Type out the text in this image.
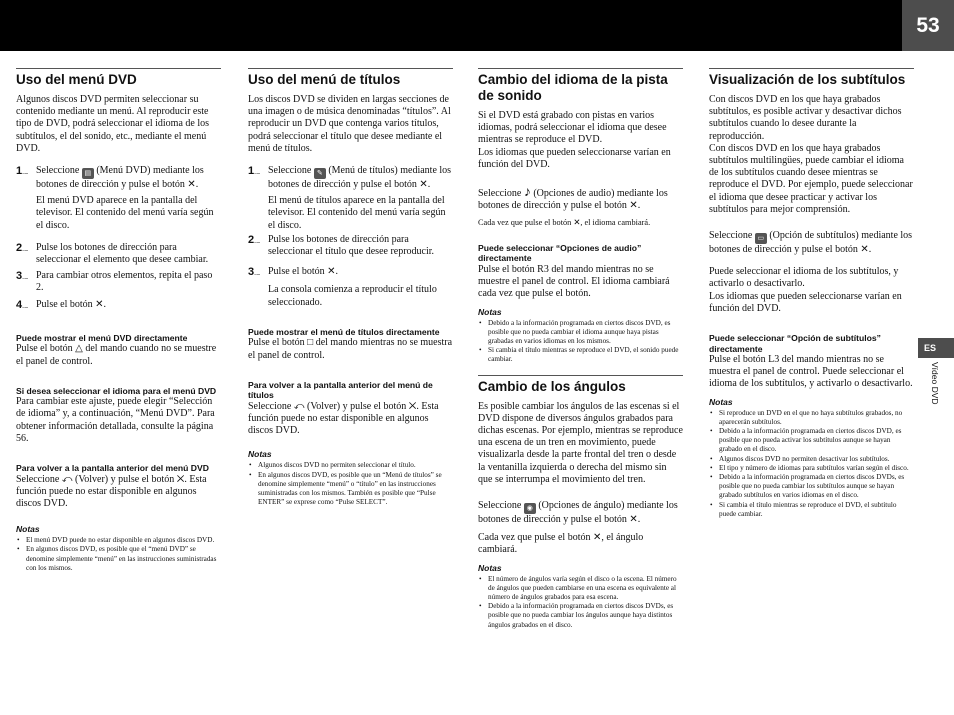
53
Uso del menú DVD

Algunos discos DVD permiten seleccionar su contenido mediante un menú. Al reproducir este tipo de DVD, podrá seleccionar el idioma de los subtítulos, el del sonido, etc., mediante el menú DVD.

1..... Seleccione ▤ (Menú DVD) mediante los botones de dirección y pulse el botón ✕.

El menú DVD aparece en la pantalla del televisor. El contenido del menú varía según el disco.

2..... Pulse los botones de dirección para seleccionar el elemento que desee cambiar.
3..... Para cambiar otros elementos, repita el paso 2.
4..... Pulse el botón ✕.
Puede mostrar el menú DVD directamente

Pulse el botón △ del mando cuando no se muestre el panel de control.

Si desea seleccionar el idioma para el menú DVD

Para cambiar este ajuste, puede elegir “Selección de idioma” y, a continuación, “Menú DVD”. Para obtener información detallada, consulte la página 56.

Para volver a la pantalla anterior del menú DVD

Seleccione ⤺ (Volver) y pulse el botón ✕. Esta función puede no estar disponible en algunos discos DVD.

Notas
• El menú DVD puede no estar disponible en algunos discos DVD.
• En algunos discos DVD, es posible que el “menú DVD” se denomine simplemente “menú” en las instrucciones suministradas con los mismos.
Uso del menú de títulos

Los discos DVD se dividen en largas secciones de una imagen o de música denominadas “títulos”. Al reproducir un DVD que contenga varios títulos, podrá seleccionar el título que desee mediante el menú de títulos.

1..... Seleccione ✎ (Menú de títulos) mediante los botones de dirección y pulse el botón ✕.

El menú de títulos aparece en la pantalla del televisor. El contenido del menú varía según el disco.

2..... Pulse los botones de dirección para seleccionar el título que desee reproducir.
3..... Pulse el botón ✕.

La consola comienza a reproducir el título seleccionado.

Puede mostrar el menú de títulos directamente

Pulse el botón □ del mando mientras no se muestra el panel de control.

Para volver a la pantalla anterior del menú de títulos

Seleccione ⤺ (Volver) y pulse el botón ✕. Esta función puede no estar disponible en algunos discos DVD.

Notas
• Algunos discos DVD no permiten seleccionar el título.
• En algunos discos DVD, es posible que un “Menú de títulos” se denomine simplemente “menú” o “título” en las instrucciones suministradas con los mismos. También es posible que “Pulse ENTER” se exprese como “Pulse SELECT”.
Cambio del idioma de la pista de sonido

Si el DVD está grabado con pistas en varios idiomas, podrá seleccionar el idioma que desee mientras se reproduce el DVD.

Los idiomas que pueden seleccionarse varían en función del DVD.

Seleccione ♪ (Opciones de audio) mediante los botones de dirección y pulse el botón ✕.

Cada vez que pulse el botón ✕, el idioma cambiará.

Puede seleccionar “Opciones de audio” directamente

Pulse el botón R3 del mando mientras no se muestre el panel de control. El idioma cambiará cada vez que pulse el botón.

Notas
• Debido a la información programada en ciertos discos DVD, es posible que no pueda cambiar el idioma aunque haya pistas grabadas en varios idiomas en los mismos.
• Si cambia el título mientras se reproduce el DVD, el sonido puede cambiar.
Cambio de los ángulos

Es posible cambiar los ángulos de las escenas si el DVD dispone de diversos ángulos grabados para dichas escenas. Por ejemplo, mientras se reproduce una escena de un tren en movimiento, puede visualizarla desde la parte frontal del tren o desde la ventanilla izquierda o derecha del mismo sin que se interrumpa el movimiento del tren.

Seleccione ◉ (Opciones de ángulo) mediante los botones de dirección y pulse el botón ✕.

Cada vez que pulse el botón ✕, el ángulo cambiará.

Notas
• El número de ángulos varía según el disco o la escena. El número de ángulos que pueden cambiarse en una escena es equivalente al número de ángulos grabados para esa escena.
• Debido a la información programada en ciertos discos DVDs, es posible que no pueda cambiar los ángulos aunque haya distintos ángulos grabados en el disco.
Visualización de los subtítulos

Con discos DVD en los que haya grabados subtítulos, es posible activar y desactivar dichos subtítulos cuando lo desee durante la reproducción.

Con discos DVD en los que haya grabados subtítulos multilingües, puede cambiar el idioma de los subtítulos cuando desee mientras se reproduce el DVD. Por ejemplo, puede seleccionar el idioma que desee practicar y activar los subtítulos para mejor comprensión.

Seleccione ▭ (Opción de subtítulos) mediante los botones de dirección y pulse el botón ✕.

Puede seleccionar el idioma de los subtítulos, y activarlo o desactivarlo.

Los idiomas que pueden seleccionarse varían en función del DVD.

Puede seleccionar “Opción de subtítulos” directamente

Pulse el botón L3 del mando mientras no se muestra el panel de control. Puede seleccionar el idioma de los subtítulos, y activarlo o desactivarlo.

Notas
• Si reproduce un DVD en el que no haya subtítulos grabados, no aparecerán subtítulos.
• Debido a la información programada en ciertos discos DVD, es posible que no pueda activar los subtítulos aunque se hayan grabado en el disco.
• Algunos discos DVD no permiten desactivar los subtítulos.
• El tipo y número de idiomas para subtítulos varían según el disco.
• Debido a la información programada en ciertos discos DVDs, es posible que no pueda cambiar los subtítulos aunque se hayan grabado subtítulos en varios idiomas en el disco.
• Si cambia el título mientras se reproduce el DVD, el subtítulo puede cambiar.
ES
Vídeo DVD
